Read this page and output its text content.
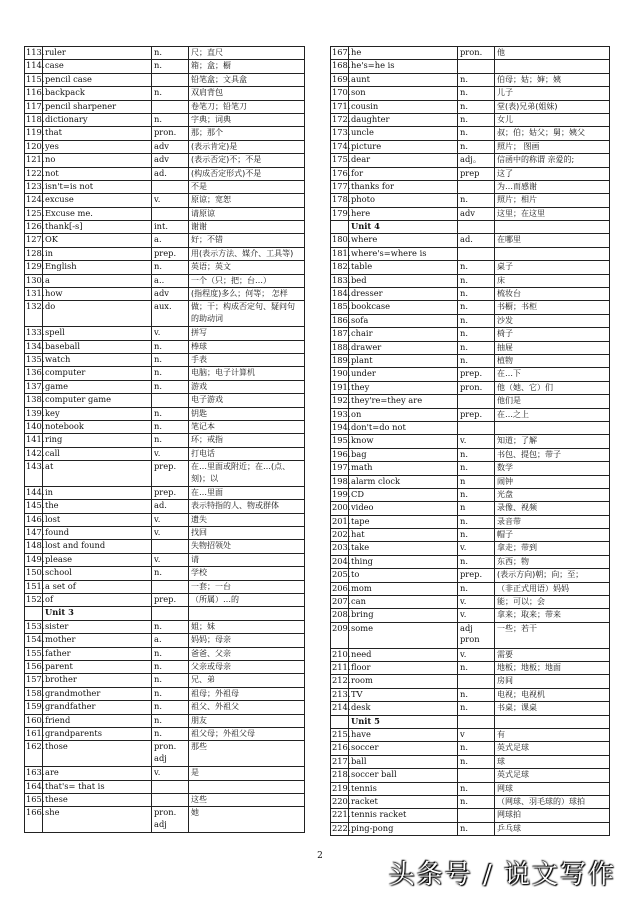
113.	ruler	n.	尺；直尺
114.	case	n.	箱；盒；橱
115.	pencil case		铅笔盒；文具盒
116.	backpack	n.	双肩背包
117.	pencil sharpener		卷笔刀；铅笔刀
118.	dictionary	n.	字典；词典
119.	that	pron.	那；那个
120.	yes	adv	(表示肯定)是
121.	no	adv	(表示否定)不；不是
122.	not	ad.	(构成否定形式)不是
123.	isn't=is not		不是
124.	excuse	v.	原谅；宽恕
125.	Excuse me.		请原谅
126.	thank[-s]	int.	谢谢
127.	OK	a.	好；不错
128.	in	prep.	用(表示方法、媒介、工具等)
129.	English	n.	英语；英文
130.	a	a..	一个（只；把；台…）
131.	how	adv	(指程度)多么；何等； 怎样
132.	do	aux.	做；干；构成否定句、疑问句的助动词
133.	spell	v.	拼写
134.	baseball	n.	棒球
135.	watch	n.	手表
136.	computer	n.	电脑；电子计算机
137.	game	n.	游戏
138.	computer game		电子游戏
139.	key	n.	钥匙
140.	notebook	n.	笔记本
141.	ring	n.	环；戒指
142.	call	v.	打电话
143.	at	prep.	在…里面或附近；在…(点、刻)；以
144.	in	prep.	在…里面
145.	the	ad.	表示特指的人、物或群体
146.	lost	v.	遗失
147.	found	v.	找回
148.	lost and found		失物招领处
149.	please	v.	请
150.	school	n.	学校
151.	a set of		一套；一台
152.	of	prep.	（所属）…的
	Unit 3		
153.	sister	n.	姐；妹
154.	mother	a.	妈妈；母亲
155.	father	n.	爸爸、父亲
156.	parent	n.	父亲或母亲
157.	brother	n.	兄、弟
158.	grandmother	n.	祖母；外祖母
159.	grandfather	n.	祖父、外祖父
160.	friend	n.	朋友
161.	grandparents	n.	祖父母；外祖父母
162.	those	pron. adj	那些
163.	are	v.	是
164.	that's= that is		
165.	these		这些
166.	she	pron. adj	她
167.	he	pron.	他
168.	he's=he is		
169.	aunt	n.	伯母；姑；婶；姨
170.	son	n.	儿子
171.	cousin	n.	堂(表)兄弟(姐妹)
172.	daughter	n.	女儿
173.	uncle	n.	叔；伯；姑父；舅；姨父
174.	picture	n.	照片； 图画
175.	dear	adj。	信函中的称谓 亲爱的;
176.	for	prep	这了
177.	thanks for		为…而感谢
178.	photo	n.	照片；相片
179.	here	adv	这里；在这里
	Unit 4		
180.	where	ad.	在哪里
181.	where's=where is		
182.	table	n.	桌子
183.	bed	n.	床
184.	dresser	n.	梳妆台
185.	bookcase	n.	书橱；书柜
186.	sofa	n.	沙发
187.	chair	n.	椅子
188.	drawer	n.	抽屉
189.	plant	n.	植物
190.	under	prep.	在…下
191.	they	pron.	他（她、它）们
192.	they're=they are		他们是
193.	on	prep.	在…之上
194.	don't=do not		
195.	know	v.	知道；了解
196.	bag	n.	书包、提包；带子
197.	math	n.	数学
198.	alarm clock	n	闹钟
199.	CD	n.	光盘
200.	video	n	录像、视频
201.	tape	n.	录音带
202.	hat	n.	帽子
203.	take	v.	拿走；带到
204.	thing	n.	东西；物
205.	to	prep.	(表示方向)朝；向；至；
206.	mom	n.	（非正式用语）妈妈
207.	can	v.	能；可以；会
208.	bring	v.	拿来；取来；带来
209.	some	adj pron	一些；若干
210.	need	v.	需要
211.	floor	n.	地板；地板；地面
212.	room		房间
213.	TV	n.	电视；电视机
214.	desk	n.	书桌；课桌
	Unit 5		
215.	have	v	有
216.	soccer	n.	英式足球
217.	ball	n.	球
218.	soccer ball		英式足球
219.	tennis	n.	网球
220.	racket	n.	（网球、羽毛球的）球拍
221.	tennis racket		网球拍
222.	ping-pong	n.	乒乓球
2
头条号 / 说文写作
